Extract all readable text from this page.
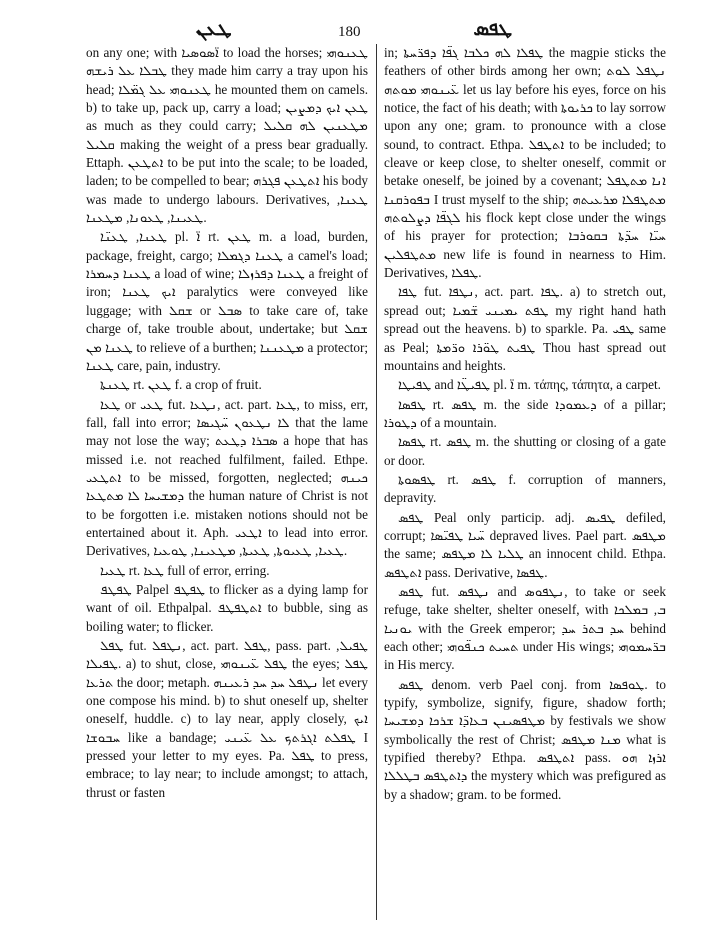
ܛܥܢ	180	ܛܦܣ

on any one; with ܐ̈ܣܘܣܝܐ to load the horses; ܛܥܢܘܗܝ ܛܒܠܐ ܥܠ ܪܝܫܗ they made him carry a tray upon his head; ܛܥܢܘܗܝ ܥܠ ܓܡ̈ܠܐ he mounted them on camels. b) to take up, pack up, carry a load; ܛܥܢ ܐܝܟ ܕܡܨܝܢ as much as they could carry; ܡܛܥܢܝܢ ܠܗ ܩܠܝܠ ܩܠܝܠ making the weight of a press bear gradually. Ettaph. ܐܬܛܥܢ to be put into the scale; to be loaded, laden; to be compelled to bear; ܐܬܛܥܢ ܦܓܪܗ his body was made to undergo labours. Derivatives, ܛܥܢܐ, ܛܥܝܢܐ, ܛܥܘܢܐ, ܡܛܥܢܐ.

ܛܥܢܐ, ܛܥܢ̈ܐ pl. ܐ̈ rt. ܛܥܢ m. a load, burden, package, freight, cargo; ܛܥܢܐ ܕܓܡܠܐ a camel's load; ܛܥܢܐ ܕܚܡܪܐ a load of wine; ܛܥܢܐ ܕܦܪܙܠܐ a freight of iron; ܐܝܟ ܛܥܢܐ paralytics were conveyed like luggage; with ܫܩܠ or ܣܒܠ to take care of, take charge of, take trouble about, undertake; but ܫܩܠ ܛܥܢܐ ܡܢ to relieve of a burthen; ܡܛܥܢܢܐ a protector; ܛܥܢܐ care, pain, industry.

ܛܥܢܬܐ rt. ܛܥܢ f. a crop of fruit.

ܛܥܐ or ܛܥܝ fut. ܢܛܥܐ, act. part. ܛܥܐ, to miss, err, fall, fall into error; ܠܐ ܢܛܥܘܢ ܚ̈ܓܝܣܐ that the lame may not lose the way; ܣܒܪܐ ܕܛܥܬ a hope that has missed i.e. not reached fulfilment, failed. Ethpe. ܐܬܛܥܝ to be missed, forgotten, neglected; ܟܝܢܗ ܕܡܫܝܚܐ ܠܐ ܡܬܛܥܐ the human nature of Christ is not to be forgotten i.e. mistaken notions should not be entertained about it. Aph. ܐܛܥܝ to lead into error. Derivatives, ܛܥܝܐ, ܛܥܝܘܬܐ, ܛܥܝܬܐ, ܡܛܥܝܢܐ, ܛܘܥܝܐ.

ܛܥܝܐ rt. ܛܥܐ full of error, erring.

ܛܦܛܦ Palpel ܛܦܛܦ to flicker as a dying lamp for want of oil. Ethpalpal. ܐܬܛܦܛܦ to bubble, sing as boiling water; to flicker.

ܛܦܠ fut. ܢܛܦܠ, act. part. ܛܦܠ, pass. part. ܛܦܝܠ, ܛܦܝܠܐ. a) to shut, close, ܛܦܠ ܥ̈ܝܢܘܗܝ the eyes; ܛܦܠ ܬܪܥܐ the door; metaph. ܢܛܦܠ ܚܕ ܚܕ ܪܥܝܢܗ let every one compose his mind. b) to shut oneself up, shelter oneself, huddle. c) to lay near, apply closely, ܐܝܟ ܚܒܘܫܐ like a bandage; ܛܦܠܬ ܐܓܪܬܟ ܥܠ ܥ̈ܝܢܝ I pressed your letter to my eyes. Pa. ܛܦܠ to press, embrace; to lay near; to include amongst; to attach, thrust or fasten

in; ܛܦܠܐ ܠܗ ܟܠܒܐ ܓܦ̈ܐ ܕܦܪ̈ܚܬܐ the magpie sticks the feathers of other birds among her own; ܢܛܦܠ ܠܘܬ ܥ̈ܝܢܘܗܝ ܡܘܬܗ let us lay before his eyes, force on his notice, the fact of his death; with ܟܪܝܘܬܐ to lay sorrow upon any one; gram. to pronounce with a close sound, to contract. Ethpa. ܐܬܛܦܠ to be included; to cleave or keep close, to shelter oneself, commit or betake oneself, be joined by a covenant; ܐܢܐ ܡܬܛܦܠ ܒܦܘܪܩܢܐ I trust myself to the ship; ܡܬܛܦܠܐ ܡܪܥܝܬܗ ܠܓܦ̈ܐ ܕܨܠܘܬܗ his flock kept close under the wings of his prayer for protection; ܚܝ̈ܐ ܚܕ̈ܬܐ ܒܩܘܪܒܐ ܡܬܛܦܠܝܢ new life is found in nearness to Him. Derivatives, ܛܦܠܐ.

ܛܦܐ fut. ܢܛܦܐ, act. part. ܛܦܐ. a) to stretch out, spread out; ܛܦܬ ܝܡܝܢܝ ܫ̈ܡܝܐ my right hand hath spread out the heavens. b) to sparkle. Pa. ܛܦܝ same as Peal; ܛܦܝܬ ܛܘ̈ܪܐ ܘܪ̈ܡܬܐ Thou hast spread out mountains and heights.

ܛܦܝܛܐ and ܛܦܝܛ̈ܐ pl. ܐ̈ m. τάπης, τάπητα, a carpet.

ܛܦܣܐ rt. ܛܦܣ m. the side ܕܥܡܘܕܐ of a pillar; ܕܛܘܪܐ of a mountain.

ܛܦܣܐ rt. ܛܦܣ m. the shutting or closing of a gate or door.

ܛܦܣܘܬܐ rt. ܛܦܣ f. corruption of manners, depravity.

ܛܦܣ Peal only particip. adj. ܛܦܝܣ defiled, corrupt; ܚ̈ܝܐ ܛܦܝ̈ܣܐ depraved lives. Pael part. ܡܛܦܣ the same; ܛܠܝܐ ܠܐ ܡܛܦܣ an innocent child. Ethpa. ܐܬܛܦܣ pass. Derivative, ܛܦܣܐ.

ܛܦܣ fut. ܢܛܦܣ and ܢܛܦܘܣ, to take or seek refuge, take shelter, shelter oneself, with ܒ, ܒܡܠܟܐ ܝܘܢܝܐ with the Greek emperor; ܚܕ ܒܬܪ ܚܕ behind each other; ܬܚܝܬ ܟܢܦ̈ܘܗܝ under His wings; ܒܪ̈ܚܡܘܗܝ in His mercy.

ܛܦܣ denom. verb Pael conj. from ܛܘܦܣܐ. to typify, symbolize, signify, figure, shadow forth; ܡܛܦܣܝܢܢ ܒܥܐܕ̈ܐ ܫܪܟܐ ܕܡܫܝܚܐ by festivals we show symbolically the rest of Christ; ܡܢܐ ܡܛܦܣ what is typified thereby? Ethpa. ܐܬܛܦܣ pass. ܐܪܙܐ ܗܘ ܕܐܬܛܦܣ ܒܛܠܠܐ the mystery which was prefigured as by a shadow; gram. to be formed.
